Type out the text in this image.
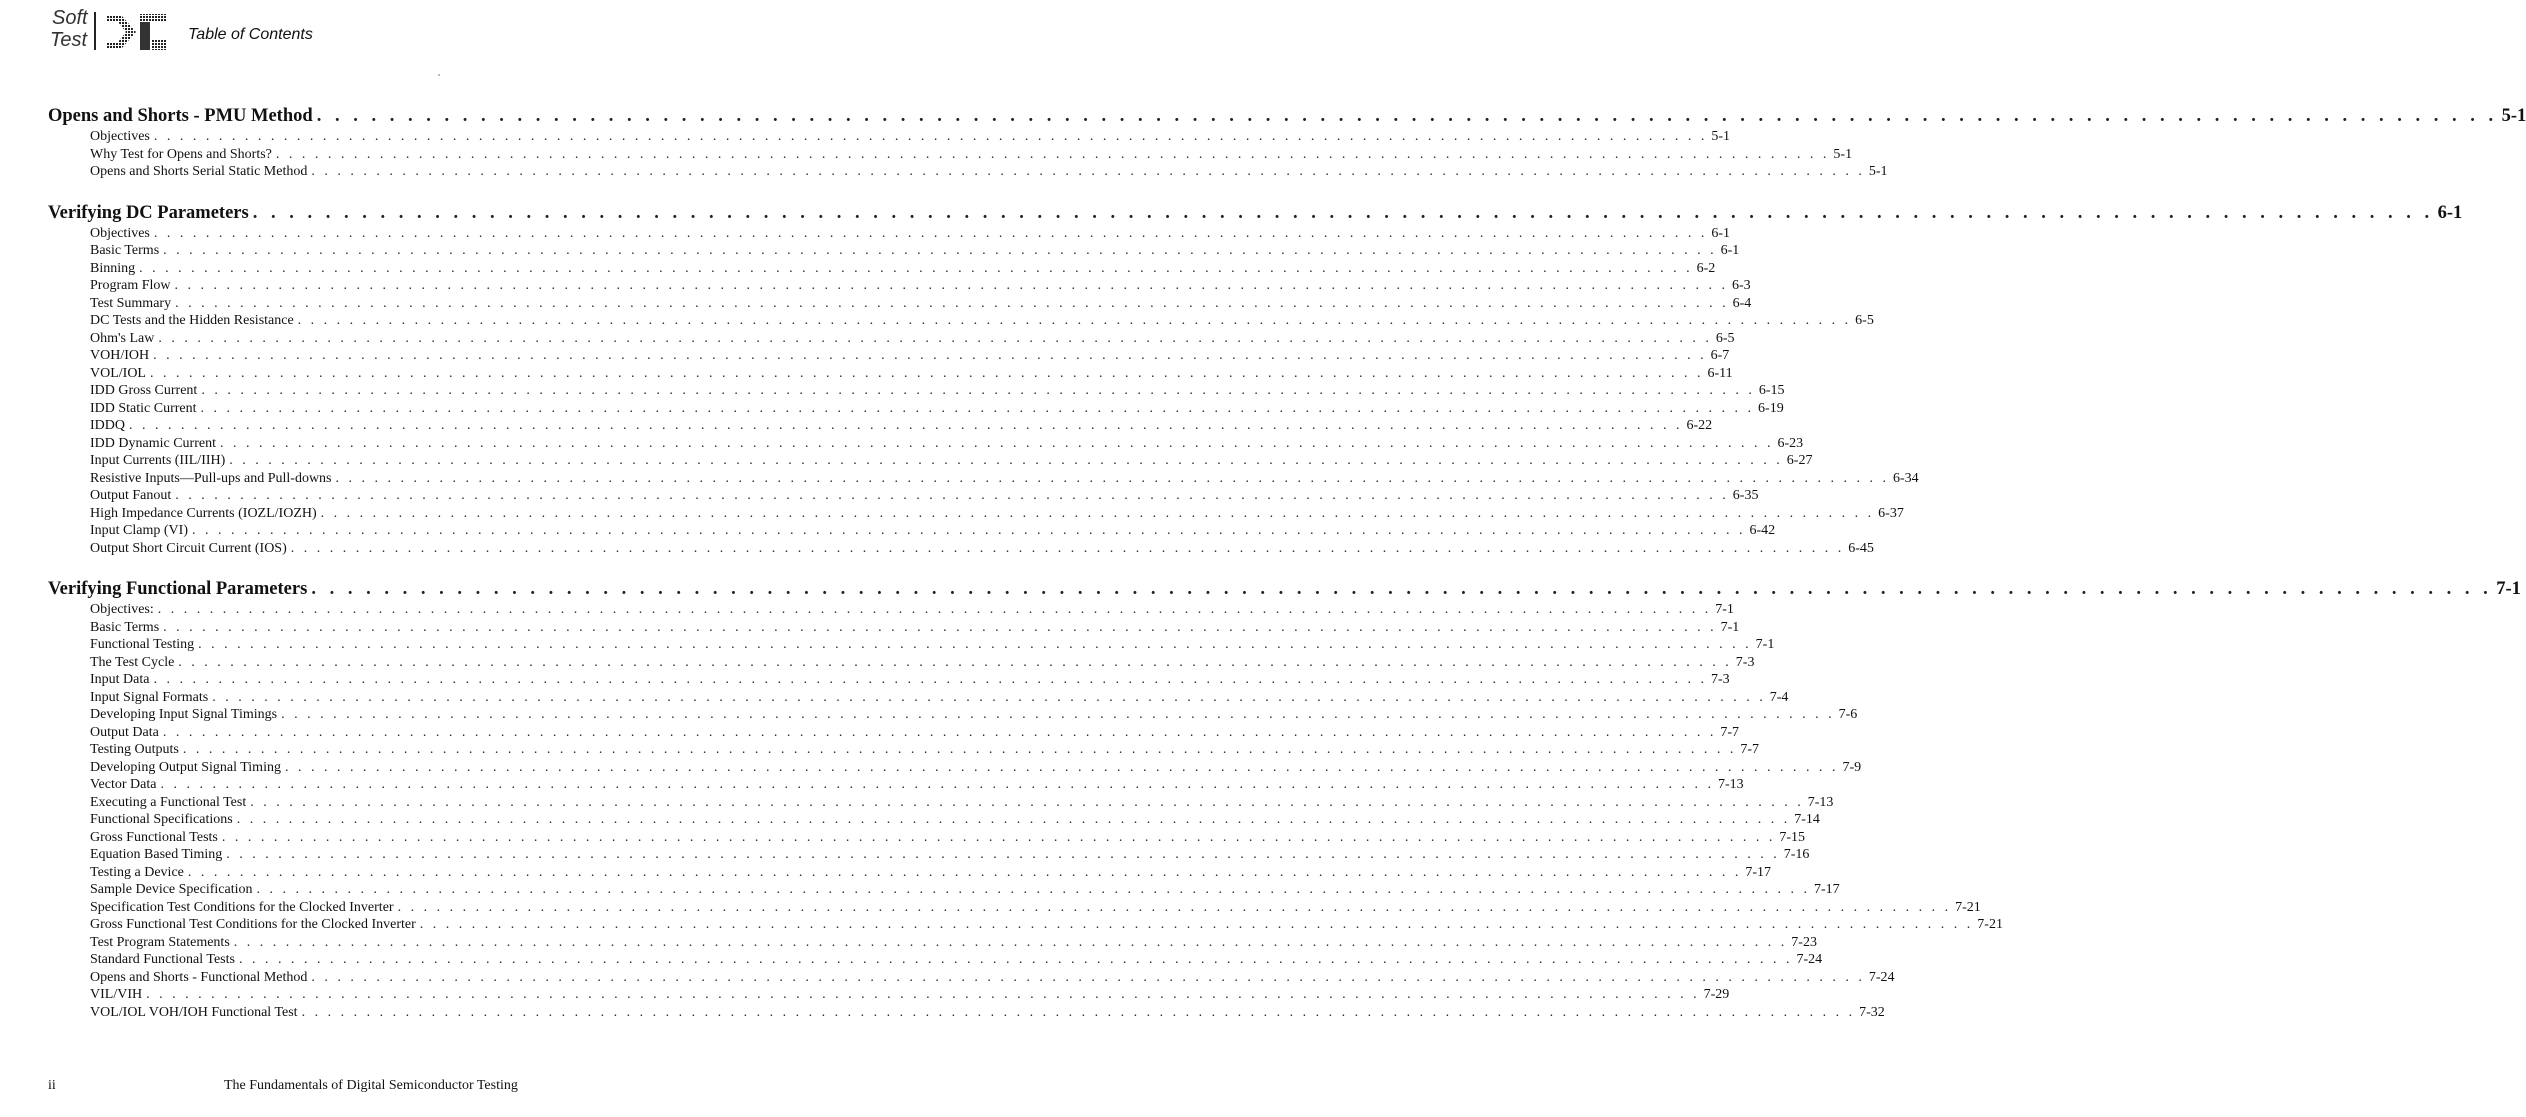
Soft
Test	Table of Contents
Opens and Shorts - PMU Method . . . . . . . . . . . . . . . . . . . . . . . . . . . . . . . . . . . . . . . . . . . . . . . . . . . . . . . . . . . . . . . . . . . . . . . . . . . . . . . . . . . . . . . . . . . . . . . . . . . . . . . . . . . . . . . . . . . . . . . . 5-1
Objectives . . . . . . . . . . . . . . . . . . . . . . . . . . . . . . . . . . . . . . . . . . . . . . . . . . . . . . . . . . . . . . . . . . . . . . . . . . . . . . . . . . . . . . . . . . . . . . . . . . . . . . . . . . . . . . . . . . . . . . . . 5-1
Why Test for Opens and Shorts? . . . . . . . . . . . . . . . . . . . . . . . . . . . . . . . . . . . . . . . . . . . . . . . . . . . . . . . . . . . . . . . . . . . . . . . . . . . . . . . . . . . . . . . . . . . . . . . . . . . . . . . . . . . . . . . . . . . . . . . . 5-1
Opens and Shorts Serial Static Method . . . . . . . . . . . . . . . . . . . . . . . . . . . . . . . . . . . . . . . . . . . . . . . . . . . . . . . . . . . . . . . . . . . . . . . . . . . . . . . . . . . . . . . . . . . . . . . . . . . . . . . . . . . . . . . . . . . . . . . . 5-1
Verifying DC Parameters . . . . . . . . . . . . . . . . . . . . . . . . . . . . . . . . . . . . . . . . . . . . . . . . . . . . . . . . . . . . . . . . . . . . . . . . . . . . . . . . . . . . . . . . . . . . . . . . . . . . . . . . . . . . . . . . . . . . . . . . 6-1
Objectives . . . . . . . . . . . . . . . . . . . . . . . . . . . . . . . . . . . . . . . . . . . . . . . . . . . . . . . . . . . . . . . . . . . . . . . . . . . . . . . . . . . . . . . . . . . . . . . . . . . . . . . . . . . . . . . . . . . . . . . . 6-1
Basic Terms . . . . . . . . . . . . . . . . . . . . . . . . . . . . . . . . . . . . . . . . . . . . . . . . . . . . . . . . . . . . . . . . . . . . . . . . . . . . . . . . . . . . . . . . . . . . . . . . . . . . . . . . . . . . . . . . . . . . . . . . 6-1
Binning . . . . . . . . . . . . . . . . . . . . . . . . . . . . . . . . . . . . . . . . . . . . . . . . . . . . . . . . . . . . . . . . . . . . . . . . . . . . . . . . . . . . . . . . . . . . . . . . . . . . . . . . . . . . . . . . . . . . . . . . 6-2
Program Flow . . . . . . . . . . . . . . . . . . . . . . . . . . . . . . . . . . . . . . . . . . . . . . . . . . . . . . . . . . . . . . . . . . . . . . . . . . . . . . . . . . . . . . . . . . . . . . . . . . . . . . . . . . . . . . . . . . . . . . . . 6-3
Test Summary . . . . . . . . . . . . . . . . . . . . . . . . . . . . . . . . . . . . . . . . . . . . . . . . . . . . . . . . . . . . . . . . . . . . . . . . . . . . . . . . . . . . . . . . . . . . . . . . . . . . . . . . . . . . . . . . . . . . . . . . 6-4
DC Tests and the Hidden Resistance . . . . . . . . . . . . . . . . . . . . . . . . . . . . . . . . . . . . . . . . . . . . . . . . . . . . . . . . . . . . . . . . . . . . . . . . . . . . . . . . . . . . . . . . . . . . . . . . . . . . . . . . . . . . . . . . . . . . . . . . 6-5
Ohm's Law . . . . . . . . . . . . . . . . . . . . . . . . . . . . . . . . . . . . . . . . . . . . . . . . . . . . . . . . . . . . . . . . . . . . . . . . . . . . . . . . . . . . . . . . . . . . . . . . . . . . . . . . . . . . . . . . . . . . . . . . 6-5
VOH/IOH . . . . . . . . . . . . . . . . . . . . . . . . . . . . . . . . . . . . . . . . . . . . . . . . . . . . . . . . . . . . . . . . . . . . . . . . . . . . . . . . . . . . . . . . . . . . . . . . . . . . . . . . . . . . . . . . . . . . . . . . 6-7
VOL/IOL . . . . . . . . . . . . . . . . . . . . . . . . . . . . . . . . . . . . . . . . . . . . . . . . . . . . . . . . . . . . . . . . . . . . . . . . . . . . . . . . . . . . . . . . . . . . . . . . . . . . . . . . . . . . . . . . . . . . . . . . 6-11
IDD Gross Current . . . . . . . . . . . . . . . . . . . . . . . . . . . . . . . . . . . . . . . . . . . . . . . . . . . . . . . . . . . . . . . . . . . . . . . . . . . . . . . . . . . . . . . . . . . . . . . . . . . . . . . . . . . . . . . . . . . . . . . . 6-15
IDD Static Current . . . . . . . . . . . . . . . . . . . . . . . . . . . . . . . . . . . . . . . . . . . . . . . . . . . . . . . . . . . . . . . . . . . . . . . . . . . . . . . . . . . . . . . . . . . . . . . . . . . . . . . . . . . . . . . . . . . . . . . . 6-19
IDDQ . . . . . . . . . . . . . . . . . . . . . . . . . . . . . . . . . . . . . . . . . . . . . . . . . . . . . . . . . . . . . . . . . . . . . . . . . . . . . . . . . . . . . . . . . . . . . . . . . . . . . . . . . . . . . . . . . . . . . . . . 6-22
IDD Dynamic Current . . . . . . . . . . . . . . . . . . . . . . . . . . . . . . . . . . . . . . . . . . . . . . . . . . . . . . . . . . . . . . . . . . . . . . . . . . . . . . . . . . . . . . . . . . . . . . . . . . . . . . . . . . . . . . . . . . . . . . . . 6-23
Input Currents (IIL/IIH) . . . . . . . . . . . . . . . . . . . . . . . . . . . . . . . . . . . . . . . . . . . . . . . . . . . . . . . . . . . . . . . . . . . . . . . . . . . . . . . . . . . . . . . . . . . . . . . . . . . . . . . . . . . . . . . . . . . . . . . . 6-27
Resistive Inputs—Pull-ups and Pull-downs . . . . . . . . . . . . . . . . . . . . . . . . . . . . . . . . . . . . . . . . . . . . . . . . . . . . . . . . . . . . . . . . . . . . . . . . . . . . . . . . . . . . . . . . . . . . . . . . . . . . . . . . . . . . . . . . . . . . . . . . 6-34
Output Fanout . . . . . . . . . . . . . . . . . . . . . . . . . . . . . . . . . . . . . . . . . . . . . . . . . . . . . . . . . . . . . . . . . . . . . . . . . . . . . . . . . . . . . . . . . . . . . . . . . . . . . . . . . . . . . . . . . . . . . . . . 6-35
High Impedance Currents (IOZL/IOZH) . . . . . . . . . . . . . . . . . . . . . . . . . . . . . . . . . . . . . . . . . . . . . . . . . . . . . . . . . . . . . . . . . . . . . . . . . . . . . . . . . . . . . . . . . . . . . . . . . . . . . . . . . . . . . . . . . . . . . . . . 6-37
Input Clamp (VI) . . . . . . . . . . . . . . . . . . . . . . . . . . . . . . . . . . . . . . . . . . . . . . . . . . . . . . . . . . . . . . . . . . . . . . . . . . . . . . . . . . . . . . . . . . . . . . . . . . . . . . . . . . . . . . . . . . . . . . . . 6-42
Output Short Circuit Current (IOS) . . . . . . . . . . . . . . . . . . . . . . . . . . . . . . . . . . . . . . . . . . . . . . . . . . . . . . . . . . . . . . . . . . . . . . . . . . . . . . . . . . . . . . . . . . . . . . . . . . . . . . . . . . . . . . . . . . . . . . . . 6-45
Verifying Functional Parameters . . . . . . . . . . . . . . . . . . . . . . . . . . . . . . . . . . . . . . . . . . . . . . . . . . . . . . . . . . . . . . . . . . . . . . . . . . . . . . . . . . . . . . . . . . . . . . . . . . . . . . . . . . . . . . . . . . . . . . . . 7-1
Objectives: . . . . . . . . . . . . . . . . . . . . . . . . . . . . . . . . . . . . . . . . . . . . . . . . . . . . . . . . . . . . . . . . . . . . . . . . . . . . . . . . . . . . . . . . . . . . . . . . . . . . . . . . . . . . . . . . . . . . . . . . 7-1
Basic Terms . . . . . . . . . . . . . . . . . . . . . . . . . . . . . . . . . . . . . . . . . . . . . . . . . . . . . . . . . . . . . . . . . . . . . . . . . . . . . . . . . . . . . . . . . . . . . . . . . . . . . . . . . . . . . . . . . . . . . . . . 7-1
Functional Testing . . . . . . . . . . . . . . . . . . . . . . . . . . . . . . . . . . . . . . . . . . . . . . . . . . . . . . . . . . . . . . . . . . . . . . . . . . . . . . . . . . . . . . . . . . . . . . . . . . . . . . . . . . . . . . . . . . . . . . . . 7-1
The Test Cycle . . . . . . . . . . . . . . . . . . . . . . . . . . . . . . . . . . . . . . . . . . . . . . . . . . . . . . . . . . . . . . . . . . . . . . . . . . . . . . . . . . . . . . . . . . . . . . . . . . . . . . . . . . . . . . . . . . . . . . . . 7-3
Input Data . . . . . . . . . . . . . . . . . . . . . . . . . . . . . . . . . . . . . . . . . . . . . . . . . . . . . . . . . . . . . . . . . . . . . . . . . . . . . . . . . . . . . . . . . . . . . . . . . . . . . . . . . . . . . . . . . . . . . . . . 7-3
Input Signal Formats . . . . . . . . . . . . . . . . . . . . . . . . . . . . . . . . . . . . . . . . . . . . . . . . . . . . . . . . . . . . . . . . . . . . . . . . . . . . . . . . . . . . . . . . . . . . . . . . . . . . . . . . . . . . . . . . . . . . . . . . 7-4
Developing Input Signal Timings . . . . . . . . . . . . . . . . . . . . . . . . . . . . . . . . . . . . . . . . . . . . . . . . . . . . . . . . . . . . . . . . . . . . . . . . . . . . . . . . . . . . . . . . . . . . . . . . . . . . . . . . . . . . . . . . . . . . . . . . 7-6
Output Data . . . . . . . . . . . . . . . . . . . . . . . . . . . . . . . . . . . . . . . . . . . . . . . . . . . . . . . . . . . . . . . . . . . . . . . . . . . . . . . . . . . . . . . . . . . . . . . . . . . . . . . . . . . . . . . . . . . . . . . . 7-7
Testing Outputs . . . . . . . . . . . . . . . . . . . . . . . . . . . . . . . . . . . . . . . . . . . . . . . . . . . . . . . . . . . . . . . . . . . . . . . . . . . . . . . . . . . . . . . . . . . . . . . . . . . . . . . . . . . . . . . . . . . . . . . . 7-7
Developing Output Signal Timing . . . . . . . . . . . . . . . . . . . . . . . . . . . . . . . . . . . . . . . . . . . . . . . . . . . . . . . . . . . . . . . . . . . . . . . . . . . . . . . . . . . . . . . . . . . . . . . . . . . . . . . . . . . . . . . . . . . . . . . . 7-9
Vector Data . . . . . . . . . . . . . . . . . . . . . . . . . . . . . . . . . . . . . . . . . . . . . . . . . . . . . . . . . . . . . . . . . . . . . . . . . . . . . . . . . . . . . . . . . . . . . . . . . . . . . . . . . . . . . . . . . . . . . . . . 7-13
Executing a Functional Test . . . . . . . . . . . . . . . . . . . . . . . . . . . . . . . . . . . . . . . . . . . . . . . . . . . . . . . . . . . . . . . . . . . . . . . . . . . . . . . . . . . . . . . . . . . . . . . . . . . . . . . . . . . . . . . . . . . . . . . . 7-13
Functional Specifications . . . . . . . . . . . . . . . . . . . . . . . . . . . . . . . . . . . . . . . . . . . . . . . . . . . . . . . . . . . . . . . . . . . . . . . . . . . . . . . . . . . . . . . . . . . . . . . . . . . . . . . . . . . . . . . . . . . . . . . . 7-14
Gross Functional Tests . . . . . . . . . . . . . . . . . . . . . . . . . . . . . . . . . . . . . . . . . . . . . . . . . . . . . . . . . . . . . . . . . . . . . . . . . . . . . . . . . . . . . . . . . . . . . . . . . . . . . . . . . . . . . . . . . . . . . . . . 7-15
Equation Based Timing . . . . . . . . . . . . . . . . . . . . . . . . . . . . . . . . . . . . . . . . . . . . . . . . . . . . . . . . . . . . . . . . . . . . . . . . . . . . . . . . . . . . . . . . . . . . . . . . . . . . . . . . . . . . . . . . . . . . . . . . 7-16
Testing a Device . . . . . . . . . . . . . . . . . . . . . . . . . . . . . . . . . . . . . . . . . . . . . . . . . . . . . . . . . . . . . . . . . . . . . . . . . . . . . . . . . . . . . . . . . . . . . . . . . . . . . . . . . . . . . . . . . . . . . . . . 7-17
Sample Device Specification . . . . . . . . . . . . . . . . . . . . . . . . . . . . . . . . . . . . . . . . . . . . . . . . . . . . . . . . . . . . . . . . . . . . . . . . . . . . . . . . . . . . . . . . . . . . . . . . . . . . . . . . . . . . . . . . . . . . . . . . 7-17
Specification Test Conditions for the Clocked Inverter . . . . . . . . . . . . . . . . . . . . . . . . . . . . . . . . . . . . . . . . . . . . . . . . . . . . . . . . . . . . . . . . . . . . . . . . . . . . . . . . . . . . . . . . . . . . . . . . . . . . . . . . . . . . . . . . . . . . . . . . 7-21
Gross Functional Test Conditions for the Clocked Inverter . . . . . . . . . . . . . . . . . . . . . . . . . . . . . . . . . . . . . . . . . . . . . . . . . . . . . . . . . . . . . . . . . . . . . . . . . . . . . . . . . . . . . . . . . . . . . . . . . . . . . . . . . . . . . . . . . . . . . . . . 7-21
Test Program Statements . . . . . . . . . . . . . . . . . . . . . . . . . . . . . . . . . . . . . . . . . . . . . . . . . . . . . . . . . . . . . . . . . . . . . . . . . . . . . . . . . . . . . . . . . . . . . . . . . . . . . . . . . . . . . . . . . . . . . . . . 7-23
Standard Functional Tests . . . . . . . . . . . . . . . . . . . . . . . . . . . . . . . . . . . . . . . . . . . . . . . . . . . . . . . . . . . . . . . . . . . . . . . . . . . . . . . . . . . . . . . . . . . . . . . . . . . . . . . . . . . . . . . . . . . . . . . . 7-24
Opens and Shorts - Functional Method . . . . . . . . . . . . . . . . . . . . . . . . . . . . . . . . . . . . . . . . . . . . . . . . . . . . . . . . . . . . . . . . . . . . . . . . . . . . . . . . . . . . . . . . . . . . . . . . . . . . . . . . . . . . . . . . . . . . . . . . 7-24
VIL/VIH . . . . . . . . . . . . . . . . . . . . . . . . . . . . . . . . . . . . . . . . . . . . . . . . . . . . . . . . . . . . . . . . . . . . . . . . . . . . . . . . . . . . . . . . . . . . . . . . . . . . . . . . . . . . . . . . . . . . . . . . 7-29
VOL/IOL VOH/IOH Functional Test . . . . . . . . . . . . . . . . . . . . . . . . . . . . . . . . . . . . . . . . . . . . . . . . . . . . . . . . . . . . . . . . . . . . . . . . . . . . . . . . . . . . . . . . . . . . . . . . . . . . . . . . . . . . . . . . . . . . . . . . 7-32
ii	The Fundamentals of Digital Semiconductor Testing
